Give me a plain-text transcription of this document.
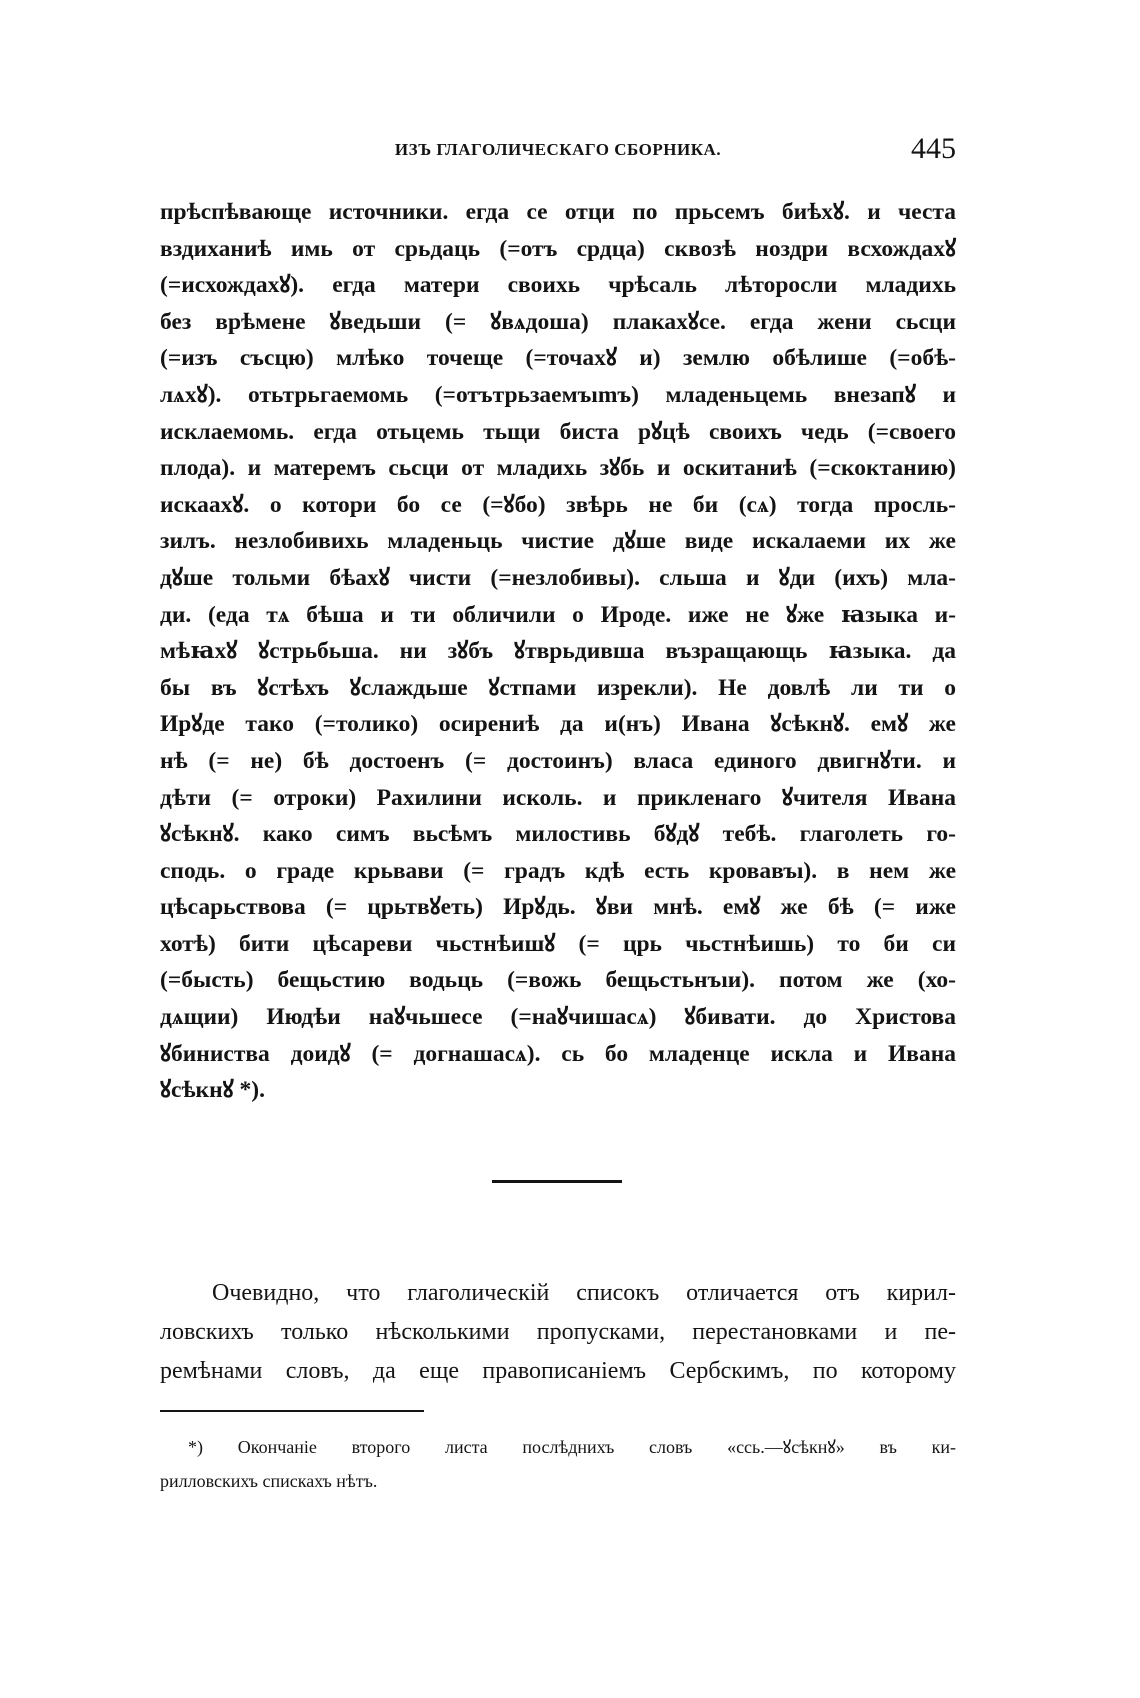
ИЗЪ ГЛАГОЛИЧЕСКАГО СБОРНИКА.	445
прѣспѣвающе источники. егда се отци по прьсемъ биѣхꙋ. и честа
вздиханиѣ имь от срьдаць (=отъ срдца) сквозѣ ноздри всхождахꙋ
(=исхождахꙋ). егда матери своихь чрѣсаль лѣторосли младихь
без врѣмене ꙋведьши (= ꙋвѧдоша) плакахꙋсе. егда жени сьсци
(=изъ съсцю) млѣко точеще (=точахꙋ и) землю обѣлише (=обѣ-
лѧхꙋ). отьтрьгаемомь (=отътрьзаемъımъ) младеньцемь внезапꙋ и
исклаемомь. егда отьцемь тьщи биста рꙋцѣ своихъ чедь (=своего
плода). и матеремъ сьсци от младихь зꙋбь и оскитаниѣ (=скоктанию)
искаахꙋ. о котори бо се (=ꙋбо) звѣрь не би (сѧ) тогда просль-
зилъ. незлобивихь младеньць чистие дꙋше виде искалаеми их же
дꙋше тольми бѣахꙋ чисти (=незлобивы). сльша и ꙋди (ихъ) мла-
ди. (еда тѧ бѣша и ти обличили о Ироде. иже не ꙋже ꙗзыка и-
мѣꙗхꙋ ꙋстрьбьша. ни зꙋбъ ꙋтврьдивша възращающь ꙗзыка. да
бы въ ꙋстѣхъ ꙋслаждьше ꙋстпами изрекли). Не довлѣ ли ти о
Ирꙋде тако (=толико) осирениѣ да и(нъ) Ивана ꙋсѣкнꙋ. емꙋ же
нѣ (= не) бѣ достоенъ (= достоинъ) власа единого двигнꙋти. и
дѣти (= отроки) Рахилини исколь. и прикленаго ꙋчителя Ивана
ꙋсѣкнꙋ. како симъ вьсѣмъ милостивь бꙋдꙋ тебѣ. глаголеть го-
сподь. о граде крьвави (= градъ кдѣ есть кровавъı). в нем же
цѣсарьствова (= црьтвꙋеть) Ирꙋдь. ꙋви мнѣ. емꙋ же бѣ (= иже
хотѣ) бити цѣсареви чьстнѣишꙋ (= црь чьстнѣишь) то би си
(=бысть) бещьстию водьць (=вожь бещьстьнъıи). потом же (хо-
дѧщии) Июдѣи наꙋчьшесе (=наꙋчишасѧ) ꙋбивати. до Христова
ꙋбиниства доидꙋ (= догнашасѧ). сь бо младенце искла и Ивана
ꙋсѣкнꙋ *).
Очевидно, что глаголическій списокъ отличается отъ кирил-
ловскихъ только нѣсколькими пропусками, перестановками и пе-
ремѣнами словъ, да еще правописаніемъ Сербскимъ, по которому
*) Окончаніе второго листа послѣднихъ словъ «ссь.—ꙋсѣкнꙋ» въ ки-
рилловскихъ спискахъ нѣтъ.
